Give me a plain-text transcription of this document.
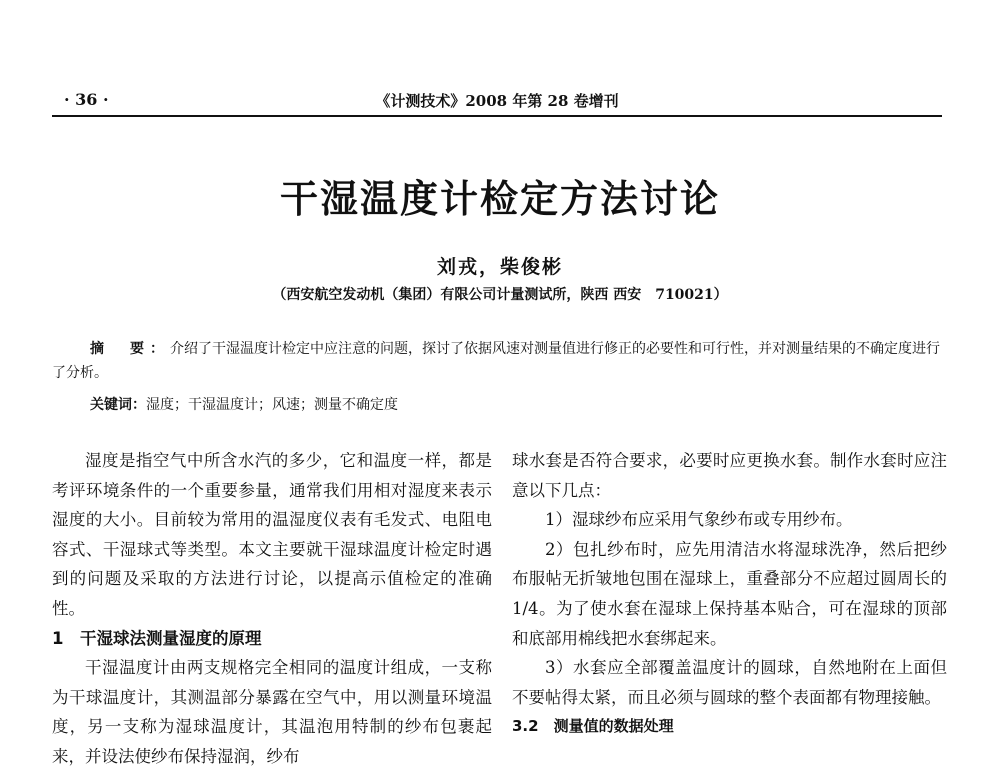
· 36 ·	《计测技术》2008 年第 28 卷增刊
干湿温度计检定方法讨论
刘戎，柴俊彬
（西安航空发动机（集团）有限公司计量测试所，陕西 西安　710021）
摘　要：介绍了干湿温度计检定中应注意的问题，探讨了依据风速对测量值进行修正的必要性和可行性，并对测量结果的不确定度进行了分析。
关键词：湿度；干湿温度计；风速；测量不确定度

湿度是指空气中所含水汽的多少，它和温度一样，都是考评环境条件的一个重要参量，通常我们用相对湿度来表示湿度的大小。目前较为常用的温湿度仪表有毛发式、电阻电容式、干湿球式等类型。本文主要就干湿球温度计检定时遇到的问题及采取的方法进行讨论，以提高示值检定的准确性。

1　干湿球法测量湿度的原理

干湿温度计由两支规格完全相同的温度计组成，一支称为干球温度计，其测温部分暴露在空气中，用以测量环境温度，另一支称为湿球温度计，其温泡用特制的纱布包裹起来，并设法使纱布保持湿润，纱布

球水套是否符合要求，必要时应更换水套。制作水套时应注意以下几点：

1）湿球纱布应采用气象纱布或专用纱布。

2）包扎纱布时，应先用清洁水将湿球洗净，然后把纱布服帖无折皱地包围在湿球上，重叠部分不应超过圆周长的 1/4。为了使水套在湿球上保持基本贴合，可在湿球的顶部和底部用棉线把水套绑起来。

3）水套应全部覆盖温度计的圆球，自然地附在上面但不要帖得太紧，而且必须与圆球的整个表面都有物理接触。

3.2　测量值的数据处理
